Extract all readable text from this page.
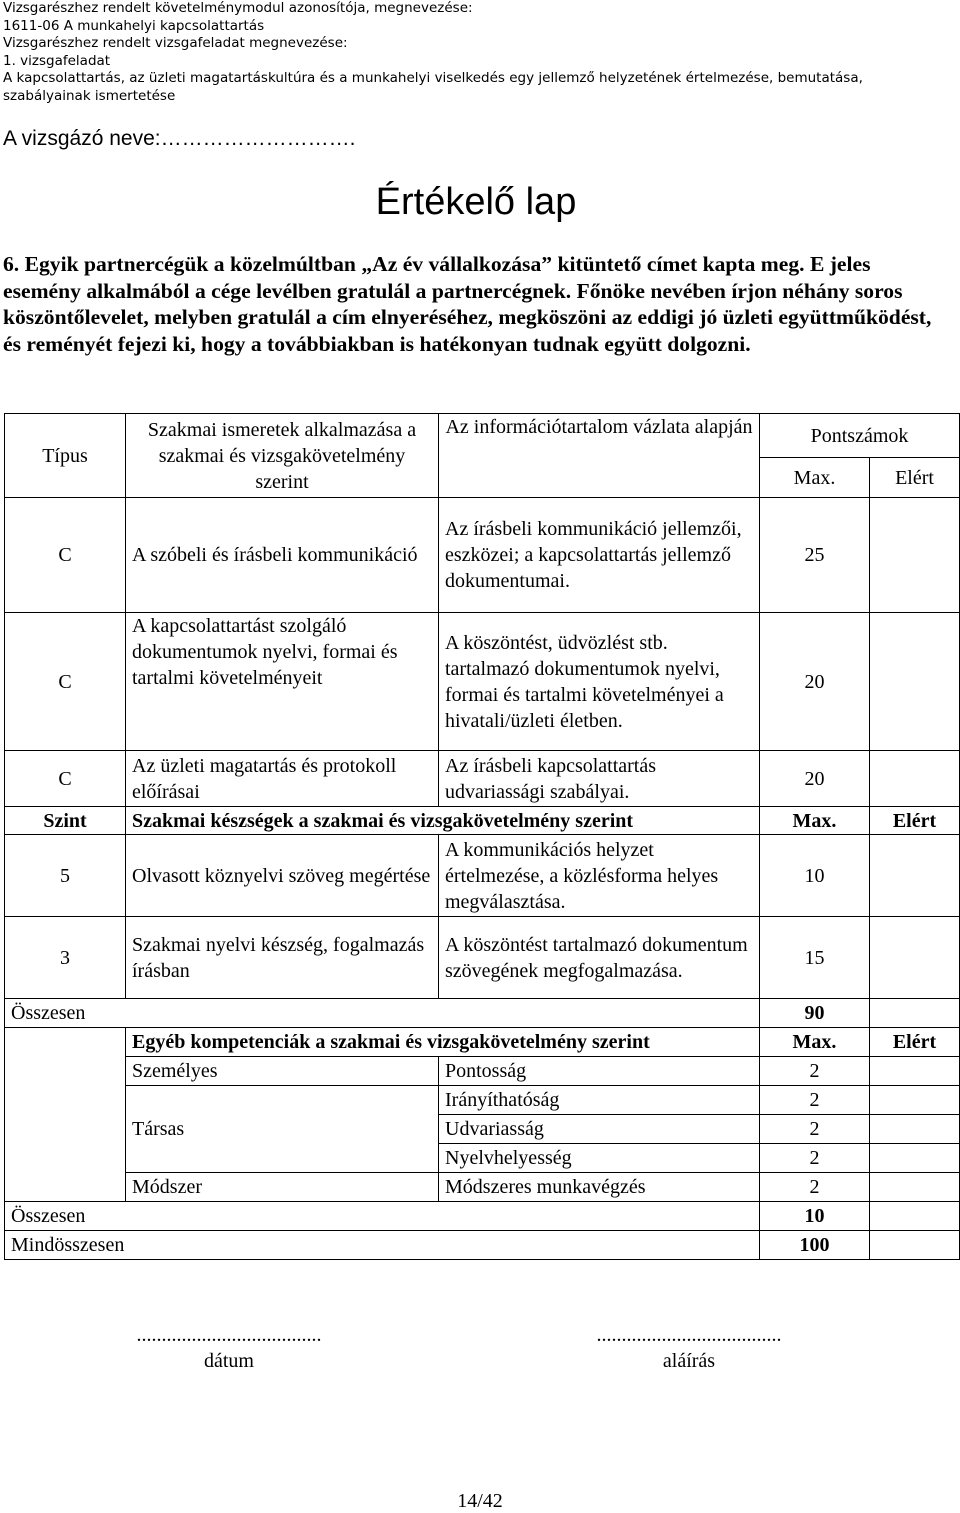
Vizsgarészhez rendelt követelménymodul azonosítója, megnevezése:
1611-06 A munkahelyi kapcsolattartás
Vizsgarészhez rendelt vizsgafeladat megnevezése:
1. vizsgafeladat
A kapcsolattartás, az üzleti magatartáskultúra és a munkahelyi viselkedés egy jellemző helyzetének értelmezése, bemutatása, szabályainak ismertetése
A vizsgázó neve:……………………….
Értékelő lap
6. Egyik partnercégük a közelmúltban „Az év vállalkozása” kitüntető címet kapta meg. E jeles esemény alkalmából a cége levélben gratulál a partnercégnek. Főnöke nevében írjon néhány soros köszöntőlevelet, melyben gratulál a cím elnyeréséhez, megköszöni az eddigi jó üzleti együttműködést, és reményét fejezi ki, hogy a továbbiakban is hatékonyan tudnak együtt dolgozni.
Típus	Szakmai ismeretek alkalmazása a szakmai és vizsgakövetelmény szerint	Az információtartalom vázlata alapján	Pontszámok	
			Max.	Elért
C	A szóbeli és írásbeli kommunikáció	Az írásbeli kommunikáció jellemzői, eszközei; a kapcsolattartás jellemző dokumentumai.	25	
C	A kapcsolattartást szolgáló dokumentumok nyelvi, formai és tartalmi követelményeit	A köszöntést, üdvözlést stb. tartalmazó dokumentumok nyelvi, formai és tartalmi követelményei a hivatali/üzleti életben.	20	
C	Az üzleti magatartás és protokoll előírásai	Az írásbeli kapcsolattartás udvariassági szabályai.	20	
Szint	Szakmai készségek a szakmai és vizsgakövetelmény szerint		Max.	Elért
5	Olvasott köznyelvi szöveg megértése	A kommunikációs helyzet értelmezése, a közlésforma helyes megválasztása.	10	
3	Szakmai nyelvi készség, fogalmazás írásban	A köszöntést tartalmazó dokumentum szövegének megfogalmazása.	15	
Összesen			90	
	Egyéb kompetenciák a szakmai és vizsgakövetelmény szerint		Max.	Elért
	Személyes	Pontosság	2	
	Társas	Irányíthatóság	2	
		Udvariasság	2	
		Nyelvhelyesség	2	
	Módszer	Módszeres munkavégzés	2	
Összesen			10	
Mindösszesen			100	
.....................................
dátum
.....................................
aláírás
14/42
